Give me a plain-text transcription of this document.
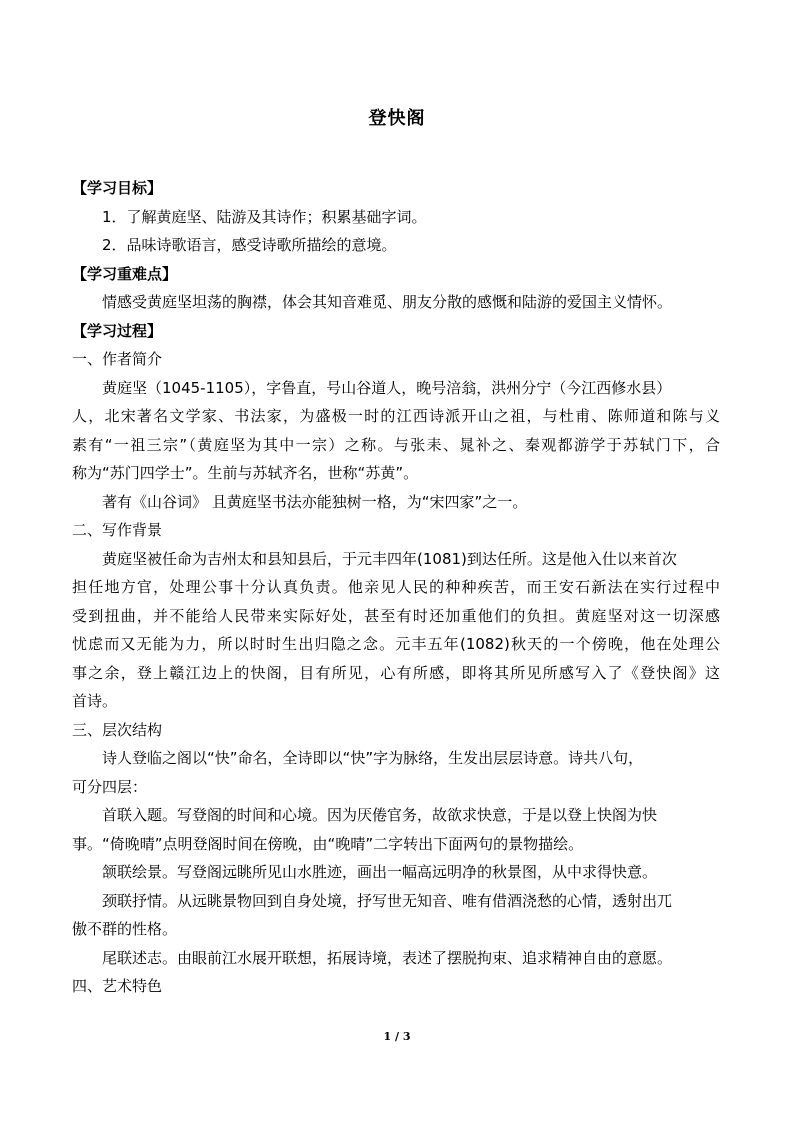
登快阁
【学习目标】
1．了解黄庭坚、陆游及其诗作；积累基础字词。
2．品味诗歌语言，感受诗歌所描绘的意境。
【学习重难点】
情感受黄庭坚坦荡的胸襟，体会其知音难觅、朋友分散的感慨和陆游的爱国主义情怀。
【学习过程】
一、作者简介
黄庭坚（1045-1105），字鲁直，号山谷道人，晚号涪翁，洪州分宁（今江西修水县）
人，北宋著名文学家、书法家，为盛极一时的江西诗派开山之祖，与杜甫、陈师道和陈与义
素有“一祖三宗”（黄庭坚为其中一宗）之称。与张耒、晁补之、秦观都游学于苏轼门下，合
称为“苏门四学士”。生前与苏轼齐名，世称“苏黄”。
著有《山谷词》 且黄庭坚书法亦能独树一格，为“宋四家”之一。
二、写作背景
黄庭坚被任命为吉州太和县知县后，于元丰四年(1081)到达任所。这是他入仕以来首次
担任地方官，处理公事十分认真负责。他亲见人民的种种疾苦，而王安石新法在实行过程中
受到扭曲，并不能给人民带来实际好处，甚至有时还加重他们的负担。黄庭坚对这一切深感
忧虑而又无能为力，所以时时生出归隐之念。元丰五年(1082)秋天的一个傍晚，他在处理公
事之余，登上赣江边上的快阁，目有所见，心有所感，即将其所见所感写入了《登快阁》这
首诗。
三、层次结构
诗人登临之阁以“快”命名，全诗即以“快”字为脉络，生发出层层诗意。诗共八句，
可分四层：
首联入题。写登阁的时间和心境。因为厌倦官务，故欲求快意，于是以登上快阁为快
事。“倚晚晴”点明登阁时间在傍晚，由“晚晴”二字转出下面两句的景物描绘。
颔联绘景。写登阁远眺所见山水胜迹，画出一幅高远明净的秋景图，从中求得快意。
颈联抒情。从远眺景物回到自身处境，抒写世无知音、唯有借酒浇愁的心情，透射出兀
傲不群的性格。
尾联述志。由眼前江水展开联想，拓展诗境，表述了摆脱拘束、追求精神自由的意愿。
四、艺术特色
1 / 3
